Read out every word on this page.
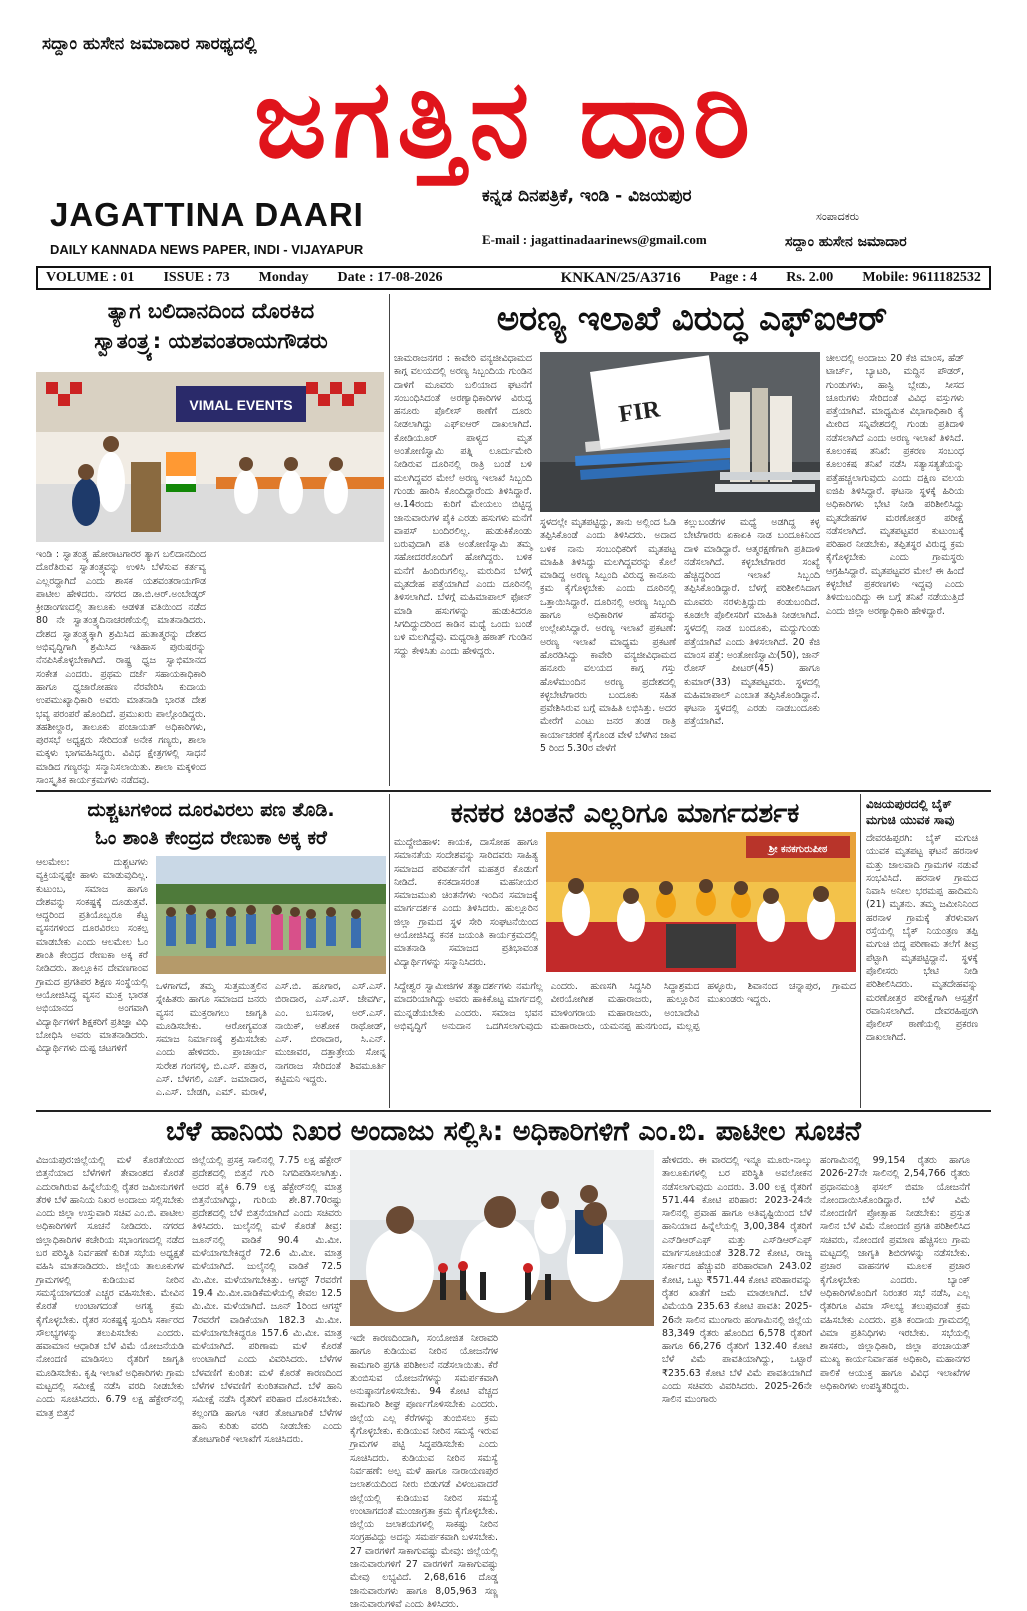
ಸದ್ದಾಂ ಹುಸೇನ ಜಮಾದಾರ ಸಾರಥ್ಯದಲ್ಲಿ
ಜಗತ್ತಿನ ದಾರಿ
JAGATTINA DAARI
DAILY KANNADA NEWS PAPER, INDI - VIJAYAPUR
ಕನ್ನಡ ದಿನಪತ್ರಿಕೆ, ಇಂಡಿ - ವಿಜಯಪುರ
E-mail : jagattinadaarinews@gmail.com
ಸಂಪಾದಕರು
ಸದ್ದಾಂ ಹುಸೇನ ಜಮಾದಾರ
VOLUME : 01 ISSUE : 73 Monday Date : 17-08-2026	KNKAN/25/A3716 Page : 4 Rs. 2.00 Mobile: 9611182532
ತ್ಯಾಗ ಬಲಿದಾನದಿಂದ ದೊರಕಿದ
ಸ್ವಾತಂತ್ರ್ಯ: ಯಶವಂತರಾಯಗೌಡರು
VIMAL EVENTS
ಇಂಡಿ : ಸ್ವಾತಂತ್ರ್ಯ ಹೋರಾಟಗಾರರ ತ್ಯಾಗ ಬಲಿದಾನದಿಂದ ದೊರೆತಿರುವ ಸ್ವಾತಂತ್ರ್ಯವನ್ನು ಉಳಿಸಿ ಬೆಳೆಸುವ ಕರ್ತವ್ಯ ಎಲ್ಲರದ್ದಾಗಿದೆ ಎಂದು ಶಾಸಕ ಯಶವಂತರಾಯಗೌಡ ಪಾಟೀಲ ಹೇಳಿದರು. ನಗರದ ಡಾ.ಬಿ.ಆರ್.ಅಂಬೇಡ್ಕರ್ ಕ್ರೀಡಾಂಗಣದಲ್ಲಿ ತಾಲೂಕು ಆಡಳಿತ ವತಿಯಿಂದ ನಡೆದ 80 ನೇ ಸ್ವಾತಂತ್ರ್ಯದಿನಾಚರಣೆಯಲ್ಲಿ ಮಾತನಾಡಿದರು. ದೇಶದ ಸ್ವಾತಂತ್ರ್ಯಕ್ಕಾಗಿ ಶ್ರಮಿಸಿದ ಹುತಾತ್ಮರನ್ನು ದೇಶದ ಅಭಿವೃದ್ಧಿಗಾಗಿ ಶ್ರಮಿಸಿದ ಇತಿಹಾಸ ಪುರುಷರನ್ನು ನೆನಪಿಸಿಕೊಳ್ಳಬೇಕಾಗಿದೆ. ರಾಷ್ಟ್ರ ಧ್ವಜ ಸ್ವಾಭಿಮಾನದ ಸಂಕೇತ ಎಂದರು. ಪ್ರಥಮ ದರ್ಜೆ ಸಹಾಯಕಾಧಿಕಾರಿ ಹಾಗೂ ಧ್ವಜಾರೋಹಣ ನೆರವೇರಿಸಿ ಕುದಾಯ ಉಪಮುಖ್ಯಾಧಿಕಾರಿ ಅವರು ಮಾತನಾಡಿ ಭಾರತ ದೇಶ ಭವ್ಯ ಪರಂಪರೆ ಹೊಂದಿದೆ. ಪ್ರಮುಖರು ಪಾಲ್ಗೊಂಡಿದ್ದರು. ತಹಶೀಲ್ದಾರ, ತಾಲೂಕು ಪಂಚಾಯತ್ ಅಧಿಕಾರಿಗಳು, ಪುರಸಭೆ ಅಧ್ಯಕ್ಷರು ಸೇರಿದಂತೆ ಅನೇಕ ಗಣ್ಯರು, ಶಾಲಾ ಮಕ್ಕಳು ಭಾಗವಹಿಸಿದ್ದರು. ವಿವಿಧ ಕ್ಷೇತ್ರಗಳಲ್ಲಿ ಸಾಧನೆ ಮಾಡಿದ ಗಣ್ಯರನ್ನು ಸನ್ಮಾನಿಸಲಾಯಿತು. ಶಾಲಾ ಮಕ್ಕಳಿಂದ ಸಾಂಸ್ಕೃತಿಕ ಕಾರ್ಯಕ್ರಮಗಳು ನಡೆದವು.
ಅರಣ್ಯ ಇಲಾಖೆ ವಿರುದ್ಧ ಎಫ್‌ಐಆರ್
ಚಾಮರಾಜನಗರ : ಕಾವೇರಿ ವನ್ಯಜೀವಿಧಾಮದ ಕಾಗ್ಗ ವಲಯದಲ್ಲಿ ಅರಣ್ಯ ಸಿಬ್ಬಂದಿಯ ಗುಂಡಿನ ದಾಳಿಗೆ ಮೂವರು ಬಲಿಯಾದ ಘಟನೆಗೆ ಸಂಬಂಧಿಸಿದಂತೆ ಅರಣ್ಯಾಧಿಕಾರಿಗಳ ವಿರುದ್ಧ ಹನೂರು ಪೊಲೀಸ್ ಠಾಣೆಗೆ ದೂರು ನೀಡಲಾಗಿದ್ದು ಎಫ್‌ಐಆರ್ ದಾಖಲಾಗಿದೆ. ಕೋಡಿಯೂರ್ ಪಾಳ್ಯದ ಮೃತ ಅಂತೋಣಿಸ್ವಾಮಿ ಪತ್ನಿ ಲೂರ್ದುಮೇರಿ ನೀಡಿರುವ ದೂರಿನಲ್ಲಿ ರಾತ್ರಿ ಬಂಡೆ ಬಳಿ ಮಲಗಿದ್ದವರ ಮೇಲೆ ಅರಣ್ಯ ಇಲಾಖೆ ಸಿಬ್ಬಂದಿ ಗುಂಡು ಹಾರಿಸಿ ಕೊಂದಿದ್ದಾರೆಂದು ತಿಳಿಸಿದ್ದಾರೆ. ಆ.14ರಂದು ಕುರಿಗೆ ಮೇಯಲು ಬಿಟ್ಟಿದ್ದ ಜಾನುವಾರುಗಳ ಪೈಕಿ ಎರಡು ಹಸುಗಳು ಮನೆಗೆ ವಾಪಸ್ ಬಂದಿರಲಿಲ್ಲ. ಹುಡುಕಿಕೊಂಡು ಬರುವುದಾಗಿ ಪತಿ ಅಂತೋಣಿಸ್ವಾಮಿ ತಮ್ಮ ಸಹೋದರರೊಂದಿಗೆ ಹೋಗಿದ್ದರು. ಬಳಿಕ ಮನೆಗೆ ಹಿಂದಿರುಗಲಿಲ್ಲ. ಮರುದಿನ ಬೆಳಗ್ಗೆ ಮೃತದೇಹ ಪತ್ತೆಯಾಗಿದೆ ಎಂದು ದೂರಿನಲ್ಲಿ ತಿಳಿಸಲಾಗಿದೆ. ಬೆಳಗ್ಗೆ ಮಹಿಮಾಪಾಲ್ ಫೋನ್ ಮಾಡಿ ಹಸುಗಳನ್ನು ಹುಡುಕಿದರೂ ಸಿಗದಿದ್ದುದರಿಂದ ಕಾಡಿನ ಮಧ್ಯೆ ಒಂದು ಬಂಡೆ ಬಳಿ ಮಲಗಿದ್ದೆವು. ಮಧ್ಯರಾತ್ರಿ ಹಠಾತ್ ಗುಂಡಿನ ಸದ್ದು ಕೇಳಿಸಿತು ಎಂದು ಹೇಳಿದ್ದರು.
FIR
ಸ್ಥಳದಲ್ಲೇ ಮೃತಪಟ್ಟಿದ್ದು, ತಾನು ಅಲ್ಲಿಂದ ಓಡಿ ತಪ್ಪಿಸಿಕೊಂಡೆ ಎಂದು ತಿಳಿಸಿದರು. ಅದಾದ ಬಳಿಕ ನಾನು ಸಂಬಂಧಿಕರಿಗೆ ಮೃತಪಟ್ಟ ಮಾಹಿತಿ ತಿಳಿಸಿದ್ದು ಮಲಗಿದ್ದವರನ್ನು ಕೊಲೆ ಮಾಡಿದ್ದ ಅರಣ್ಯ ಸಿಬ್ಬಂದಿ ವಿರುದ್ಧ ಕಾನೂನು ಕ್ರಮ ಕೈಗೊಳ್ಳಬೇಕು ಎಂದು ದೂರಿನಲ್ಲಿ ಒತ್ತಾಯಿಸಿದ್ದಾರೆ. ದೂರಿನಲ್ಲಿ ಅರಣ್ಯ ಸಿಬ್ಬಂದಿ ಹಾಗೂ ಅಧಿಕಾರಿಗಳ ಹೆಸರನ್ನು ಉಲ್ಲೇಖಿಸಿದ್ದಾರೆ. ಅರಣ್ಯ ಇಲಾಖೆ ಪ್ರಕಟಣೆ: ಅರಣ್ಯ ಇಲಾಖೆ ಮಾಧ್ಯಮ ಪ್ರಕಟಣೆ ಹೊರಡಿಸಿದ್ದು ಕಾವೇರಿ ವನ್ಯಜೀವಿಧಾಮದ ಹನೂರು ವಲಯದ ಕಾಗ್ಗ ಗಸ್ತು ಹೊಳೆಮುಂದಿನ ಅರಣ್ಯ ಪ್ರದೇಶದಲ್ಲಿ ಕಳ್ಳಬೇಟೆಗಾರರು ಬಂದೂಕು ಸಹಿತ ಪ್ರವೇಶಿಸಿರುವ ಬಗ್ಗೆ ಮಾಹಿತಿ ಲಭಿಸಿತ್ತು. ಅದರ ಮೇರೆಗೆ ಎಂಟು ಜನರ ತಂಡ ರಾತ್ರಿ ಕಾರ್ಯಾಚರಣೆ ಕೈಗೊಂಡ ವೇಳೆ ಬೆಳಗಿನ ಜಾವ 5 ರಿಂದ 5.30ರ ವೇಳೆಗೆ
ಕಲ್ಲುಬಂಡೆಗಳ ಮಧ್ಯೆ ಅಡಗಿದ್ದ ಕಳ್ಳ ಬೇಟೆಗಾರರು ಏಕಾಏಕಿ ನಾಡ ಬಂದೂಕಿನಿಂದ ದಾಳಿ ಮಾಡಿದ್ದಾರೆ. ಆತ್ಮರಕ್ಷಣೆಗಾಗಿ ಪ್ರತಿದಾಳಿ ನಡೆಸಲಾಗಿದೆ. ಕಳ್ಳಬೇಟೆಗಾರರ ಸಂಖ್ಯೆ ಹೆಚ್ಚಿದ್ದರಿಂದ ಇಲಾಖೆ ಸಿಬ್ಬಂದಿ ತಪ್ಪಿಸಿಕೊಂಡಿದ್ದಾರೆ. ಬೆಳಗ್ಗೆ ಪರಿಶೀಲಿಸಿದಾಗ ಮೂವರು ನರಳುತ್ತಿದ್ದುದು ಕಂಡುಬಂದಿದೆ. ಕೂಡಲೇ ಪೊಲೀಸರಿಗೆ ಮಾಹಿತಿ ನೀಡಲಾಗಿದೆ. ಸ್ಥಳದಲ್ಲಿ ನಾಡ ಬಂದೂಕು, ಮದ್ದುಗುಂಡು ಪತ್ತೆಯಾಗಿವೆ ಎಂದು ತಿಳಿಸಲಾಗಿದೆ. 20 ಕೆಜಿ ಮಾಂಸ ಪತ್ತೆ: ಅಂತೋಣಿಸ್ವಾಮಿ(50), ಜಾನ್ ರೋಸ್ ಪೀಟರ್(45) ಹಾಗೂ ಕುಮಾರ್(33) ಮೃತಪಟ್ಟವರು. ಸ್ಥಳದಲ್ಲಿ ಮಹಿಮಾಪಾಲ್ ಎಂಬಾತ ತಪ್ಪಿಸಿಕೊಂಡಿದ್ದಾನೆ. ಘಟನಾ ಸ್ಥಳದಲ್ಲಿ ಎರಡು ನಾಡಬಂದೂಕು ಪತ್ತೆಯಾಗಿವೆ.
ಚೀಲದಲ್ಲಿ ಅಂದಾಜು 20 ಕೆಜಿ ಮಾಂಸ, ಹೆಡ್ ಟಾರ್ಚ್, ಬ್ಯಾಟರಿ, ಮದ್ದಿನ ಪೌಡರ್, ಗುಂಡುಗಳು, ಹಾಸ್ಟಿ ಬ್ಲೇಡು, ಸೀಸದ ಚೂರುಗಳು ಸೇರಿದಂತೆ ವಿವಿಧ ವಸ್ತುಗಳು ಪತ್ತೆಯಾಗಿವೆ. ಮಾಧ್ಯಮಿಕ ವಿಭಾಗಾಧಿಕಾರಿ ಕೈ ಮೀರಿದ ಸನ್ನಿವೇಶದಲ್ಲಿ ಗುಂಡು ಪ್ರತಿದಾಳಿ ನಡೆಸಲಾಗಿದೆ ಎಂದು ಅರಣ್ಯ ಇಲಾಖೆ ತಿಳಿಸಿದೆ. ಕೂಲಂಕಷ ತನಿಖೆ: ಪ್ರಕರಣ ಸಂಬಂಧ ಕೂಲಂಕಷ ತನಿಖೆ ನಡೆಸಿ ಸತ್ಯಾಸತ್ಯತೆಯನ್ನು ಪತ್ತೆಹಚ್ಚಲಾಗುವುದು ಎಂದು ದಕ್ಷಿಣ ವಲಯ ಐಜಿಪಿ ತಿಳಿಸಿದ್ದಾರೆ. ಘಟನಾ ಸ್ಥಳಕ್ಕೆ ಹಿರಿಯ ಅಧಿಕಾರಿಗಳು ಭೇಟಿ ನೀಡಿ ಪರಿಶೀಲಿಸಿದ್ದು ಮೃತದೇಹಗಳ ಮರಣೋತ್ತರ ಪರೀಕ್ಷೆ ನಡೆಸಲಾಗಿದೆ. ಮೃತಪಟ್ಟವರ ಕುಟುಂಬಕ್ಕೆ ಪರಿಹಾರ ನೀಡಬೇಕು, ತಪ್ಪಿತಸ್ಥರ ವಿರುದ್ಧ ಕ್ರಮ ಕೈಗೊಳ್ಳಬೇಕು ಎಂದು ಗ್ರಾಮಸ್ಥರು ಆಗ್ರಹಿಸಿದ್ದಾರೆ. ಮೃತಪಟ್ಟವರ ಮೇಲೆ ಈ ಹಿಂದೆ ಕಳ್ಳಬೇಟೆ ಪ್ರಕರಣಗಳು ಇದ್ದವು ಎಂದು ತಿಳಿದುಬಂದಿದ್ದು ಈ ಬಗ್ಗೆ ತನಿಖೆ ನಡೆಯುತ್ತಿದೆ ಎಂದು ಜಿಲ್ಲಾ ಅರಣ್ಯಾಧಿಕಾರಿ ಹೇಳಿದ್ದಾರೆ.
ದುಶ್ಚಟಗಳಿಂದ ದೂರವಿರಲು ಪಣ ತೊಡಿ.
ಓಂ ಶಾಂತಿ ಕೇಂದ್ರದ ರೇಣುಕಾ ಅಕ್ಕ ಕರೆ
ಆಲಮೇಲ: ದುಶ್ಚಟಗಳು ವ್ಯಕ್ತಿಯನ್ನಷ್ಟೇ ಹಾಳು ಮಾಡುವುದಿಲ್ಲ. ಕುಟುಂಬ, ಸಮಾಜ ಹಾಗೂ ದೇಶವನ್ನು ಸಂಕಷ್ಟಕ್ಕೆ ದೂಡುತ್ತವೆ. ಆದ್ದರಿಂದ ಪ್ರತಿಯೊಬ್ಬರೂ ಕೆಟ್ಟ ವ್ಯಸನಗಳಿಂದ ದೂರವಿರಲು ಸಂಕಲ್ಪ ಮಾಡಬೇಕು ಎಂದು ಆಲಮೇಲ ಓಂ ಶಾಂತಿ ಕೇಂದ್ರದ ರೇಣುಕಾ ಅಕ್ಕ ಕರೆ ನೀಡಿದರು. ತಾಲ್ಲೂಕಿನ ದೇವಣಗಾಂವ ಗ್ರಾಮದ ಪ್ರಗತಿಪರ ಶಿಕ್ಷಣ ಸಂಸ್ಥೆಯಲ್ಲಿ ಆಯೋಜಿಸಿದ್ದ ವ್ಯಸನ ಮುಕ್ತ ಭಾರತ ಅಭಿಯಾನದ ಅಂಗವಾಗಿ ವಿದ್ಯಾರ್ಥಿಗಳಿಗೆ ಶಿಕ್ಷಕರಿಗೆ ಪ್ರತಿಜ್ಞಾ ವಿಧಿ ಬೋಧಿಸಿ ಅವರು ಮಾತನಾಡಿದರು. ವಿದ್ಯಾರ್ಥಿಗಳು ದುಷ್ಟ ಚಟಗಳಿಗೆ
ಒಳಗಾಗದೆ, ತಮ್ಮ ಸುತ್ತಮುತ್ತಲಿನ ಸ್ನೇಹಿತರು ಹಾಗೂ ಸಮಾಜದ ಜನರು ವ್ಯಸನ ಮುಕ್ತರಾಗಲು ಜಾಗೃತಿ ಮೂಡಿಸಬೇಕು. ಆರೋಗ್ಯವಂತ ಸಮಾಜ ನಿರ್ಮಾಣಕ್ಕೆ ಶ್ರಮಿಸಬೇಕು ಎಂದು ಹೇಳಿದರು. ಪ್ರಾಚಾರ್ಯ ಸುರೇಶ ಗಂಗನಳ್ಳಿ, ಬಿ.ಎಸ್. ಪತ್ತಾರ, ಎಸ್. ಬೆಳಗಲಿ, ಎಚ್. ಜಮಾದಾರ, ಎ.ಎಸ್. ಬೇಡಗಿ, ಎಮ್. ಮರಾಳೆ, ಎಸ್.ಬಿ. ಹೂಗಾರ, ಎಸ್.ಎಸ್. ಬಿರಾದಾರ, ಎಸ್.ಎಸ್. ಜೇವರ್ಗಿ, ಎಂ. ಬಸನಾಳ, ಅರ್.ಎಸ್. ನಾಯಿಕ್, ಅಶೋಕ ರಾಥೋಡ್, ಎಸ್. ಬಿರಾದಾರ, ಸಿ.ಎನ್. ಮುಜಾವರ, ದತ್ತಾತ್ರೇಯ ಸೋನ್ನ ನಾಗರಾಜ ಸೇರಿದಂತೆ ಶಿವಮೂರ್ತಿ ಕಟ್ಟಿಮನಿ ಇದ್ದರು.
ಕನಕರ ಚಿಂತನೆ ಎಲ್ಲರಿಗೂ ಮಾರ್ಗದರ್ಶಕ
ಮುದ್ದೇಬಿಹಾಳ: ಕಾಯಕ, ದಾಸೋಹ ಹಾಗೂ ಸಮಾನತೆಯ ಸಂದೇಶವನ್ನು ಸಾರಿದವರು ಸಾಹಿತ್ಯ ಸಮಾಜದ ಪರಿವರ್ತನೆಗೆ ಮಹತ್ತರ ಕೊಡುಗೆ ನೀಡಿದೆ. ಕನಕದಾಸರಂತ ಮಹನೀಯರ ಸಮಾಜಮುಖಿ ಚಿಂತನೆಗಳು ಇಂದಿನ ಸಮಾಜಕ್ಕೆ ಮಾರ್ಗದರ್ಶಕ ಎಂದು ತಿಳಿಸಿದರು. ಹುಲ್ಲೂರಿನ ಜಿಲ್ಲಾ ಗ್ರಾಮದ ಸ್ಥಳ ಸೇರಿ ಸಂಘಟನೆಯಿಂದ ಆಯೋಜಿಸಿದ್ದ ಕನಕ ಜಯಂತಿ ಕಾರ್ಯಕ್ರಮದಲ್ಲಿ ಮಾತನಾಡಿ ಸಮಾಜದ ಪ್ರತಿಭಾವಂತ ವಿದ್ಯಾರ್ಥಿಗಳನ್ನು ಸನ್ಮಾನಿಸಿದರು.
ಶ್ರೀ ಕನಕಗುರುಪೀಠ
ಸಿದ್ದೇಶ್ವರ ಸ್ವಾಮೀಜಿಗಳ ತತ್ವಾದರ್ಶಗಳು ನಮಗೆಲ್ಲ ಮಾದರಿಯಾಗಿದ್ದು ಅವರು ಹಾಕಿಕೊಟ್ಟ ಮಾರ್ಗದಲ್ಲಿ ಮುನ್ನಡೆಯಬೇಕು ಎಂದರು. ಸಮಾಜ ಭವನ ಅಭಿವೃದ್ಧಿಗೆ ಅನುದಾನ ಒದಗಿಸಲಾಗುವುದು ಎಂದರು. ಹುಣಸಗಿ ಸಿದ್ದಸಿರಿ ಸಿದ್ಧಾಶ್ರಮದ ವೀರಯೋಗೀಶ ಮಹಾರಾಜರು, ಹುಲ್ಲೂರಿನ ಮಾಳಿಂಗರಾಯ ಮಹಾರಾಜರು, ಅಂಬಾದೇವಿ ಮಹಾರಾಜರು, ಯಮನಪ್ಪ ಹುನಗುಂದ, ಮಲ್ಲಪ್ಪ ಹಳ್ಳೂರು, ಶಿವಾನಂದ ಚನ್ನಾಪುರ, ಗ್ರಾಮದ ಮುಖಂಡರು ಇದ್ದರು.
ವಿಜಯಪುರದಲ್ಲಿ ಬೈಕ್ ಮಗುಚಿ ಯುವಕ ಸಾವು
ದೇವರಹಿಪ್ಪರಗಿ: ಬೈಕ್ ಮಗುಚಿ ಯುವಕ ಮೃತಪಟ್ಟ ಘಟನೆ ಹರನಾಳ ಮತ್ತು ಜಾಲವಾದಿ ಗ್ರಾಮಗಳ ನಡುವೆ ಸಂಭವಿಸಿದೆ. ಹರನಾಳ ಗ್ರಾಮದ ನಿವಾಸಿ ಅನೀಲ ಭರಮಪ್ಪ ಹಾದಿಮನಿ (21) ಮೃತನು. ತಮ್ಮ ಜಮೀನಿನಿಂದ ಹರನಾಳ ಗ್ರಾಮಕ್ಕೆ ತೆರಳುವಾಗ ರಸ್ತೆಯಲ್ಲಿ ಬೈಕ್ ನಿಯಂತ್ರಣ ತಪ್ಪಿ ಮಗುಚಿ ಬಿದ್ದ ಪರಿಣಾಮ ತಲೆಗೆ ತೀವ್ರ ಪೆಟ್ಟಾಗಿ ಮೃತಪಟ್ಟಿದ್ದಾನೆ. ಸ್ಥಳಕ್ಕೆ ಪೊಲೀಸರು ಭೇಟಿ ನೀಡಿ ಪರಿಶೀಲಿಸಿದರು. ಮೃತದೇಹವನ್ನು ಮರಣೋತ್ತರ ಪರೀಕ್ಷೆಗಾಗಿ ಆಸ್ಪತ್ರೆಗೆ ರವಾನಿಸಲಾಗಿದೆ. ದೇವರಹಿಪ್ಪರಗಿ ಪೊಲೀಸ್ ಠಾಣೆಯಲ್ಲಿ ಪ್ರಕರಣ ದಾಖಲಾಗಿದೆ.
ಬೆಳೆ ಹಾನಿಯ ನಿಖರ ಅಂದಾಜು ಸಲ್ಲಿಸಿ: ಅಧಿಕಾರಿಗಳಿಗೆ ಎಂ.ಬಿ. ಪಾಟೀಲ ಸೂಚನೆ
ವಿಜಯಪುರ:ಜಿಲ್ಲೆಯಲ್ಲಿ ಮಳೆ ಕೊರತೆಯಿಂದ ಬಿತ್ತನೆಯಾದ ಬೆಳೆಗಳಿಗೆ ತೇವಾಂಶದ ಕೊರತೆ ಎದುರಾಗಿರುವ ಹಿನ್ನೆಲೆಯಲ್ಲಿ ರೈತರ ಜಮೀನುಗಳಿಗೆ ತೆರಳಿ ಬೆಳೆ ಹಾನಿಯ ನಿಖರ ಅಂದಾಜು ಸಲ್ಲಿಸಬೇಕು ಎಂದು ಜಿಲ್ಲಾ ಉಸ್ತುವಾರಿ ಸಚಿವ ಎಂ.ಬಿ. ಪಾಟೀಲ ಅಧಿಕಾರಿಗಳಿಗೆ ಸೂಚನೆ ನೀಡಿದರು. ನಗರದ ಜಿಲ್ಲಾಧಿಕಾರಿಗಳ ಕಚೇರಿಯ ಸಭಾಂಗಣದಲ್ಲಿ ನಡೆದ ಬರ ಪರಿಸ್ಥಿತಿ ನಿರ್ವಹಣೆ ಕುರಿತ ಸಭೆಯ ಅಧ್ಯಕ್ಷತೆ ವಹಿಸಿ ಮಾತನಾಡಿದರು. ಜಿಲ್ಲೆಯ ತಾಲೂಕುಗಳ ಗ್ರಾಮಗಳಲ್ಲಿ ಕುಡಿಯುವ ನೀರಿನ ಸಮಸ್ಯೆಯಾಗದಂತೆ ಎಚ್ಚರ ವಹಿಸಬೇಕು. ಮೇವಿನ ಕೊರತೆ ಉಂಟಾಗದಂತೆ ಅಗತ್ಯ ಕ್ರಮ ಕೈಗೊಳ್ಳಬೇಕು. ರೈತರ ಸಂಕಷ್ಟಕ್ಕೆ ಸ್ಪಂದಿಸಿ ಸರ್ಕಾರದ ಸೌಲಭ್ಯಗಳನ್ನು ತಲುಪಿಸಬೇಕು ಎಂದರು. ಹವಾಮಾನ ಆಧಾರಿತ ಬೆಳೆ ವಿಮೆ ಯೋಜನೆಯಡಿ ನೋಂದಣಿ ಮಾಡಿಸಲು ರೈತರಿಗೆ ಜಾಗೃತಿ ಮೂಡಿಸಬೇಕು. ಕೃಷಿ ಇಲಾಖೆ ಅಧಿಕಾರಿಗಳು ಗ್ರಾಮ ಮಟ್ಟದಲ್ಲಿ ಸಮೀಕ್ಷೆ ನಡೆಸಿ ವರದಿ ನೀಡಬೇಕು ಎಂದು ಸೂಚಿಸಿದರು. 6.79 ಲಕ್ಷ ಹೆಕ್ಟೇರ್‌ನಲ್ಲಿ ಮಾತ್ರ ಬಿತ್ತನೆ
ಜಿಲ್ಲೆಯಲ್ಲಿ ಪ್ರಸಕ್ತ ಸಾಲಿನಲ್ಲಿ 7.75 ಲಕ್ಷ ಹೆಕ್ಟೇರ್ ಪ್ರದೇಶದಲ್ಲಿ ಬಿತ್ತನೆ ಗುರಿ ನಿಗದಿಪಡಿಸಲಾಗಿತ್ತು. ಅದರ ಪೈಕಿ 6.79 ಲಕ್ಷ ಹೆಕ್ಟೇರ್‌ನಲ್ಲಿ ಮಾತ್ರ ಬಿತ್ತನೆಯಾಗಿದ್ದು, ಗುರಿಯ ಶೇ.87.70ರಷ್ಟು ಪ್ರದೇಶದಲ್ಲಿ ಬೆಳೆ ಬಿತ್ತನೆಯಾಗಿದೆ ಎಂದು ಸಚಿವರು ತಿಳಿಸಿದರು. ಜುಲೈನಲ್ಲಿ ಮಳೆ ಕೊರತೆ ತೀವ್ರ: ಜೂನ್‌ನಲ್ಲಿ ವಾಡಿಕೆ 90.4 ಮಿ.ಮೀ. ಮಳೆಯಾಗಬೇಕಿದ್ದರೆ 72.6 ಮಿ.ಮೀ. ಮಾತ್ರ ಮಳೆಯಾಗಿದೆ. ಜುಲೈನಲ್ಲಿ ವಾಡಿಕೆ 72.5 ಮಿ.ಮೀ. ಮಳೆಯಾಗಬೇಕಿತ್ತು. ಆಗಸ್ಟ್ 7ರವರೆಗೆ 19.4 ಮಿ.ಮೀ.ವಾಡಿಕೆಮಳೆಯಲ್ಲಿ ಕೇವಲ 12.5 ಮಿ.ಮೀ. ಮಳೆಯಾಗಿದೆ. ಜೂನ್ 1ರಿಂದ ಆಗಸ್ಟ್ 7ರವರೆಗೆ ವಾಡಿಕೆಯಾಗಿ 182.3 ಮಿ.ಮೀ. ಮಳೆಯಾಗಬೇಕಿದ್ದರೂ 157.6 ಮಿ.ಮೀ. ಮಾತ್ರ ಮಳೆಯಾಗಿದೆ. ಪರಿಣಾಮ ಮಳೆ ಕೊರತೆ ಉಂಟಾಗಿದೆ ಎಂದು ವಿವರಿಸಿದರು. ಬೆಳೆಗಳ ಬೆಳವಣಿಗೆ ಕುಂಠಿತ: ಮಳೆ ಕೊರತೆ ಕಾರಣದಿಂದ ಬೆಳೆಗಳ ಬೆಳವಣಿಗೆ ಕುಂಠಿತವಾಗಿದೆ. ಬೆಳೆ ಹಾನಿ ಸಮೀಕ್ಷೆ ನಡೆಸಿ ರೈತರಿಗೆ ಪರಿಹಾರ ದೊರಕಿಸಬೇಕು. ಕಲ್ಲಂಗಡಿ ಹಾಗೂ ಇತರ ತೋಟಗಾರಿಕೆ ಬೆಳೆಗಳ ಹಾನಿ ಕುರಿತು ವರದಿ ನೀಡಬೇಕು ಎಂದು ತೋಟಗಾರಿಕೆ ಇಲಾಖೆಗೆ ಸೂಚಿಸಿದರು.
ಇದೇ ಕಾರಣದಿಂದಾಗಿ, ಸಂಯೋಜಿತ ನೀರಾವರಿ ಹಾಗೂ ಕುಡಿಯುವ ನೀರಿನ ಯೋಜನೆಗಳ ಕಾಮಗಾರಿ ಪ್ರಗತಿ ಪರಿಶೀಲನೆ ನಡೆಸಲಾಯಿತು. ಕೆರೆ ತುಂಬಿಸುವ ಯೋಜನೆಗಳನ್ನು ಸಮರ್ಪಕವಾಗಿ ಅನುಷ್ಠಾನಗೊಳಿಸಬೇಕು. 94 ಕೋಟಿ ವೆಚ್ಚದ ಕಾಮಗಾರಿ ಶೀಘ್ರ ಪೂರ್ಣಗೊಳಿಸಬೇಕು ಎಂದರು. ಜಿಲ್ಲೆಯ ಎಲ್ಲ ಕೆರೆಗಳನ್ನು ತುಂಬಿಸಲು ಕ್ರಮ ಕೈಗೊಳ್ಳಬೇಕು. ಕುಡಿಯುವ ನೀರಿನ ಸಮಸ್ಯೆ ಇರುವ ಗ್ರಾಮಗಳ ಪಟ್ಟಿ ಸಿದ್ಧಪಡಿಸಬೇಕು ಎಂದು ಸೂಚಿಸಿದರು. ಕುಡಿಯುವ ನೀರಿನ ಸಮಸ್ಯೆ ನಿರ್ವಹಣೆ: ಅಲ್ಪ ಮಳೆ ಹಾಗೂ ನಾರಾಯಣಪುರ ಜಲಾಶಯದಿಂದ ನೀರು ಬಿಡುಗಡೆ ವಿಳಂಬವಾದರೆ ಜಿಲ್ಲೆಯಲ್ಲಿ ಕುಡಿಯುವ ನೀರಿನ ಸಮಸ್ಯೆ ಉಂಟಾಗದಂತೆ ಮುಂಜಾಗ್ರತಾ ಕ್ರಮ ಕೈಗೊಳ್ಳಬೇಕು. ಜಿಲ್ಲೆಯ ಜಲಾಶಯಗಳಲ್ಲಿ ಸಾಕಷ್ಟು ನೀರಿನ ಸಂಗ್ರಹವಿದ್ದು ಅದನ್ನು ಸಮರ್ಪಕವಾಗಿ ಬಳಸಬೇಕು. 27 ವಾರಗಳಿಗೆ ಸಾಕಾಗುವಷ್ಟು ಮೇವು: ಜಿಲ್ಲೆಯಲ್ಲಿ ಜಾನುವಾರುಗಳಿಗೆ 27 ವಾರಗಳಿಗೆ ಸಾಕಾಗುವಷ್ಟು ಮೇವು ಲಭ್ಯವಿದೆ. 2,68,616 ದೊಡ್ಡ ಜಾನುವಾರುಗಳು ಹಾಗೂ 8,05,963 ಸಣ್ಣ ಜಾನುವಾರುಗಳಿವೆ ಎಂದು ತಿಳಿಸಿದರು.
ಹೇಳಿದರು. ಈ ವಾರದಲ್ಲಿ ಇನ್ನೂ ಮೂರು-ನಾಲ್ಕು ತಾಲೂಕುಗಳಲ್ಲಿ ಬರ ಪರಿಸ್ಥಿತಿ ಅವಲೋಕನ ನಡೆಸಲಾಗುವುದು ಎಂದರು. 3.00 ಲಕ್ಷ ರೈತರಿಗೆ 571.44 ಕೋಟಿ ಪರಿಹಾರ: 2023-24ನೇ ಸಾಲಿನಲ್ಲಿ ಪ್ರವಾಹ ಹಾಗೂ ಅತಿವೃಷ್ಟಿಯಿಂದ ಬೆಳೆ ಹಾನಿಯಾದ ಹಿನ್ನೆಲೆಯಲ್ಲಿ 3,00,384 ರೈತರಿಗೆ ಎನ್‌ಡಿಆರ್‌ಎಫ್ ಮತ್ತು ಎಸ್‌ಡಿಆರ್‌ಎಫ್ ಮಾರ್ಗಸೂಚಿಯಂತೆ 328.72 ಕೋಟಿ, ರಾಜ್ಯ ಸರ್ಕಾರದ ಹೆಚ್ಚುವರಿ ಪರಿಹಾರವಾಗಿ 243.02 ಕೋಟಿ, ಒಟ್ಟು ₹571.44 ಕೋಟಿ ಪರಿಹಾರವನ್ನು ರೈತರ ಖಾತೆಗೆ ಜಮೆ ಮಾಡಲಾಗಿದೆ. ಬೆಳೆ ವಿಮೆಯಡಿ 235.63 ಕೋಟಿ ಪಾವತಿ: 2025-26ನೇ ಸಾಲಿನ ಮುಂಗಾರು ಹಂಗಾಮಿನಲ್ಲಿ ಜಿಲ್ಲೆಯ 83,349 ರೈತರು ಹೊಂದಿದ 6,578 ರೈತರಿಗೆ ಹಾಗೂ 66,276 ರೈತರಿಗೆ 132.40 ಕೋಟಿ ಬೆಳೆ ವಿಮೆ ಪಾವತಿಯಾಗಿದ್ದು, ಒಟ್ಟಾರೆ ₹235.63 ಕೋಟಿ ಬೆಳೆ ವಿಮೆ ಪಾವತಿಯಾಗಿದೆ ಎಂದು ಸಚಿವರು ವಿವರಿಸಿದರು. 2025-26ನೇ ಸಾಲಿನ ಮುಂಗಾರು
ಹಂಗಾಮಿನಲ್ಲಿ 99,154 ರೈತರು ಹಾಗೂ 2026-27ನೇ ಸಾಲಿನಲ್ಲಿ 2,54,766 ರೈತರು ಪ್ರಧಾನಮಂತ್ರಿ ಫಸಲ್ ಬಿಮಾ ಯೋಜನೆಗೆ ನೋಂದಾಯಿಸಿಕೊಂಡಿದ್ದಾರೆ. ಬೆಳೆ ವಿಮೆ ನೋಂದಣಿಗೆ ಪ್ರೋತ್ಸಾಹ ನೀಡಬೇಕು: ಪ್ರಸ್ತುತ ಸಾಲಿನ ಬೆಳೆ ವಿಮೆ ನೋಂದಣಿ ಪ್ರಗತಿ ಪರಿಶೀಲಿಸಿದ ಸಚಿವರು, ನೋಂದಣಿ ಪ್ರಮಾಣ ಹೆಚ್ಚಿಸಲು ಗ್ರಾಮ ಮಟ್ಟದಲ್ಲಿ ಜಾಗೃತಿ ಶಿಬಿರಗಳನ್ನು ನಡೆಸಬೇಕು. ಪ್ರಚಾರ ವಾಹನಗಳ ಮೂಲಕ ಪ್ರಚಾರ ಕೈಗೊಳ್ಳಬೇಕು ಎಂದರು. ಬ್ಯಾಂಕ್ ಅಧಿಕಾರಿಗಳೊಂದಿಗೆ ನಿರಂತರ ಸಭೆ ನಡೆಸಿ, ಎಲ್ಲ ರೈತರಿಗೂ ವಿಮಾ ಸೌಲಭ್ಯ ತಲುಪುವಂತೆ ಕ್ರಮ ವಹಿಸಬೇಕು ಎಂದರು. ಪ್ರತಿ ಕಂದಾಯ ಗ್ರಾಮದಲ್ಲಿ ವಿಮಾ ಪ್ರತಿನಿಧಿಗಳು ಇರಬೇಕು. ಸಭೆಯಲ್ಲಿ ಶಾಸಕರು, ಜಿಲ್ಲಾಧಿಕಾರಿ, ಜಿಲ್ಲಾ ಪಂಚಾಯತ್ ಮುಖ್ಯ ಕಾರ್ಯನಿರ್ವಾಹಕ ಅಧಿಕಾರಿ, ಮಹಾನಗರ ಪಾಲಿಕೆ ಆಯುಕ್ತ ಹಾಗೂ ವಿವಿಧ ಇಲಾಖೆಗಳ ಅಧಿಕಾರಿಗಳು ಉಪಸ್ಥಿತರಿದ್ದರು.
